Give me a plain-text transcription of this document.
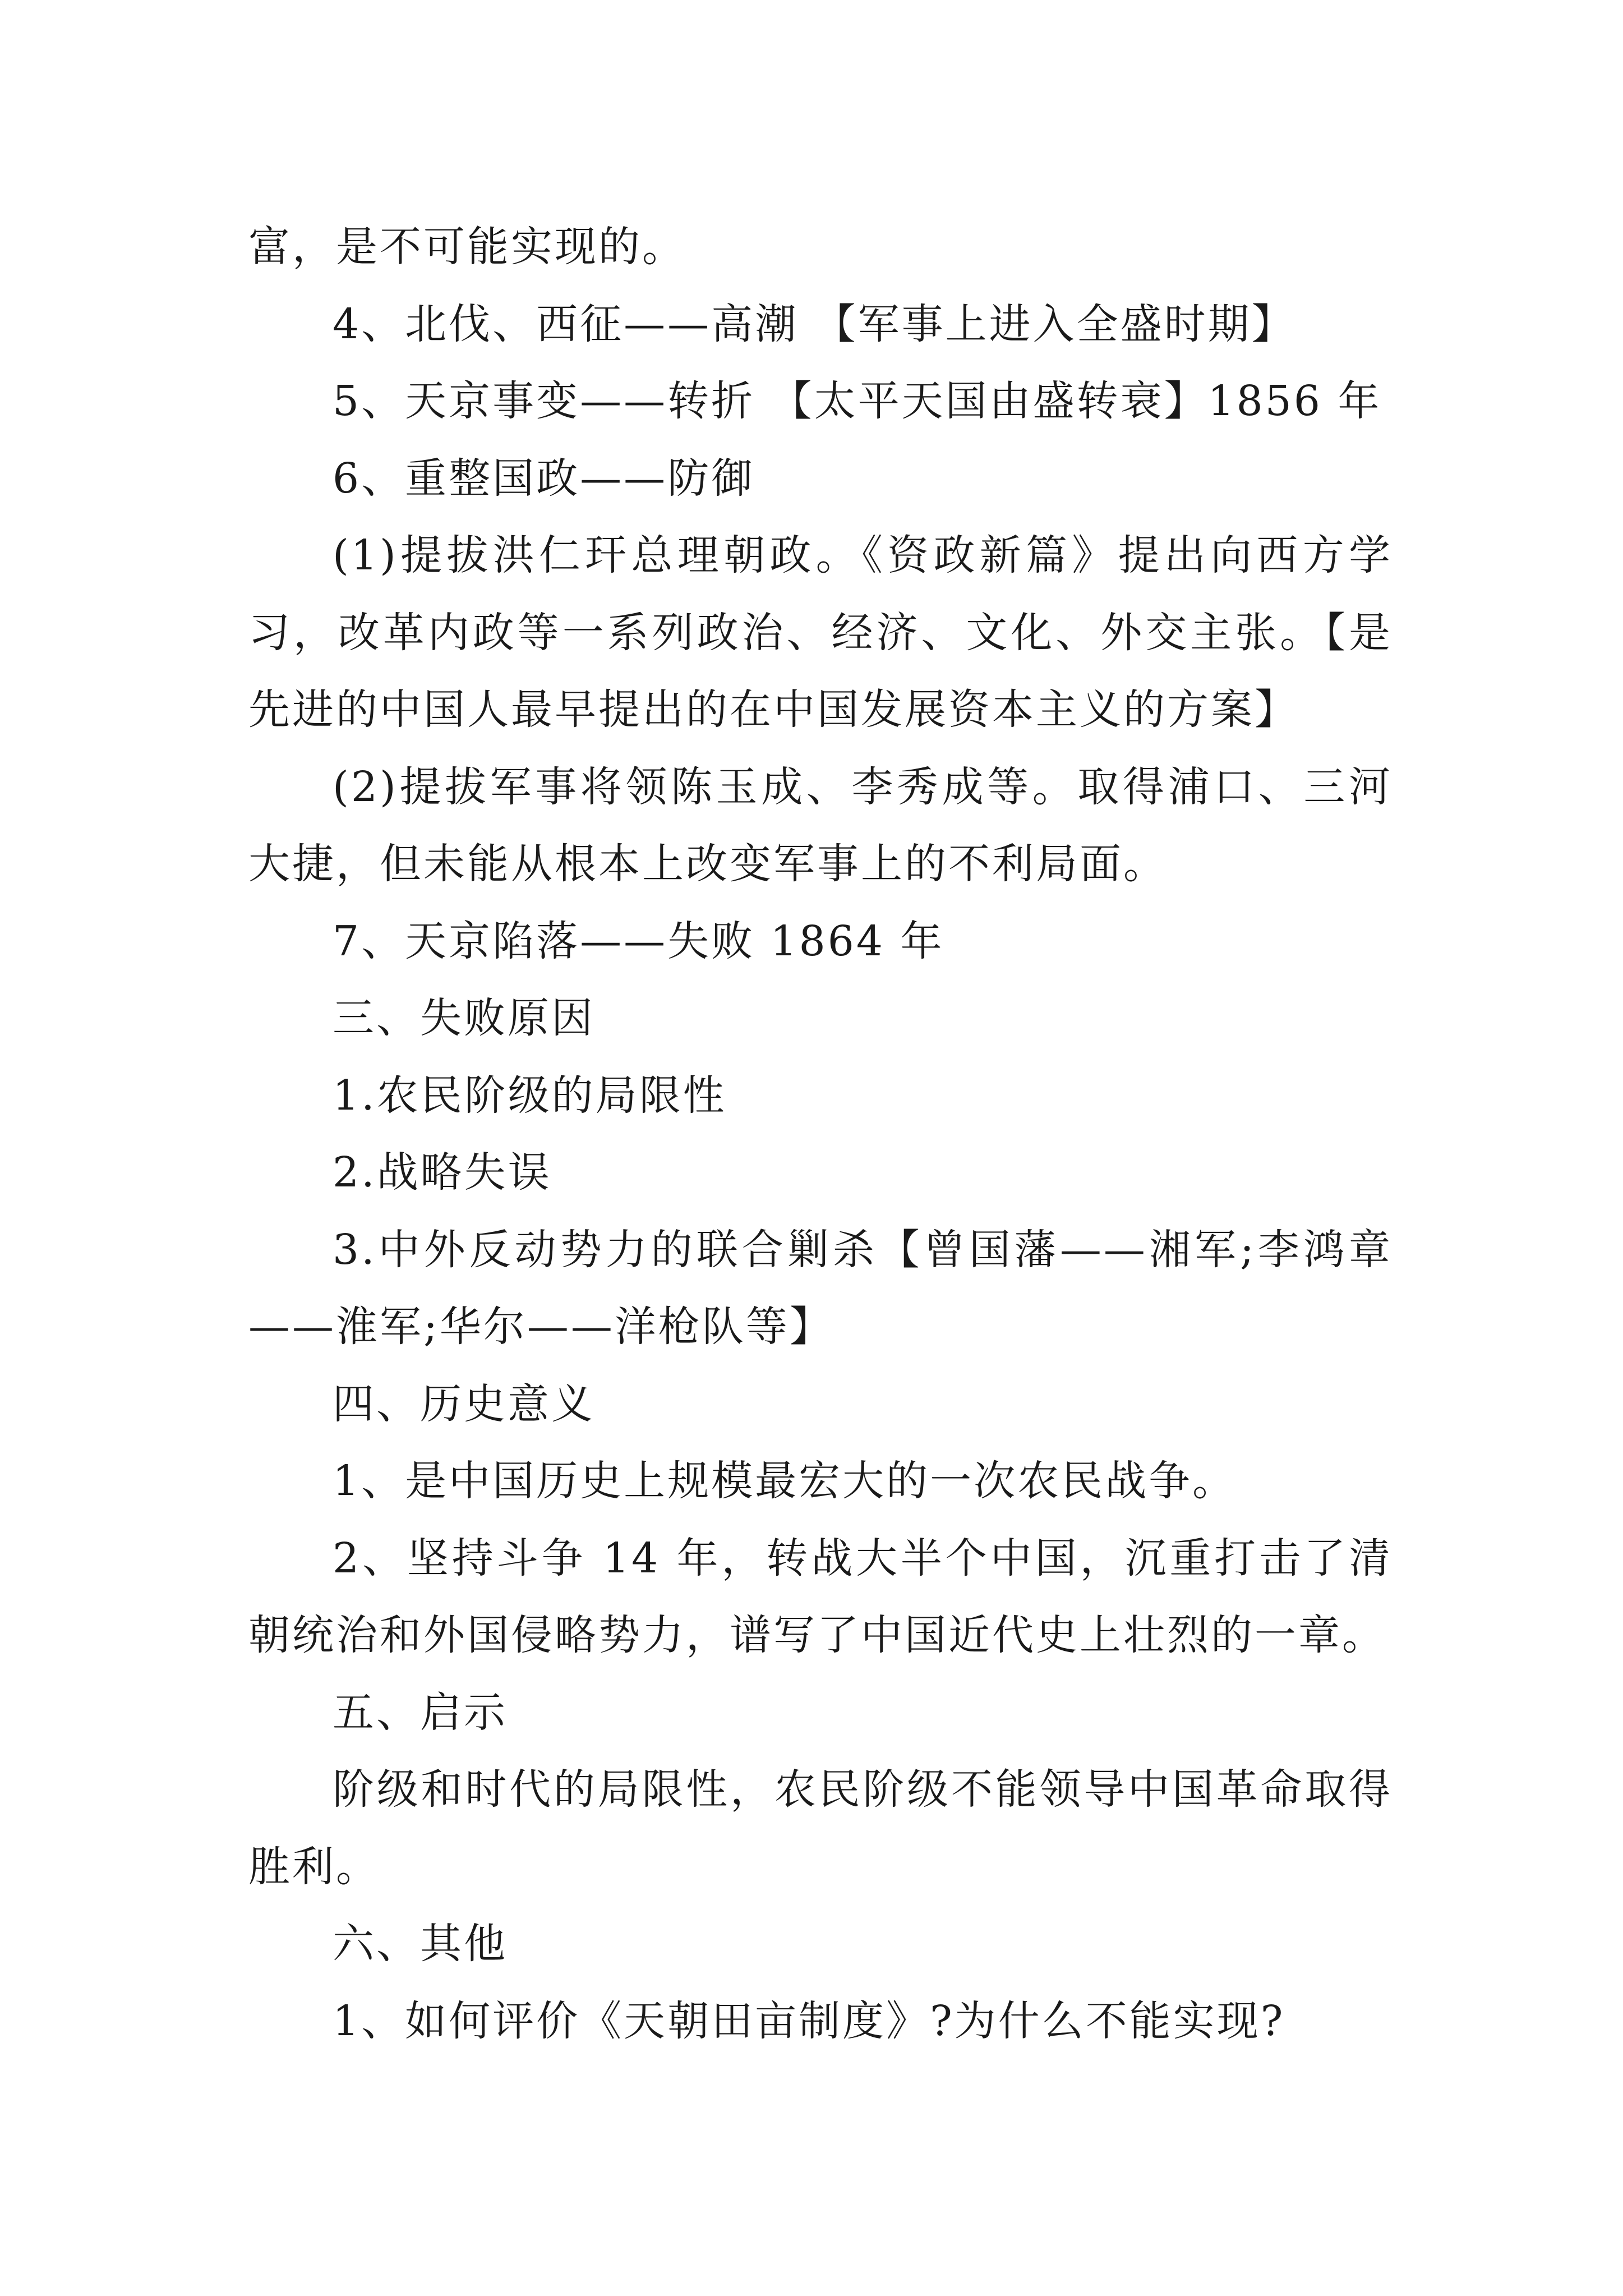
富，是不可能实现的。

4、北伐、西征——高潮 【军事上进入全盛时期】

5、天京事变——转折 【太平天国由盛转衰】1856 年

6、重整国政——防御

(1)提拔洪仁玕总理朝政。《资政新篇》提出向西方学习，改革内政等一系列政治、经济、文化、外交主张。【是先进的中国人最早提出的在中国发展资本主义的方案】

(2)提拔军事将领陈玉成、李秀成等。取得浦口、三河大捷，但未能从根本上改变军事上的不利局面。

7、天京陷落——失败 1864 年

三、失败原因

1.农民阶级的局限性

2.战略失误

3.中外反动势力的联合剿杀【曾国藩——湘军;李鸿章——淮军;华尔——洋枪队等】

四、历史意义

1、是中国历史上规模最宏大的一次农民战争。

2、坚持斗争 14 年，转战大半个中国，沉重打击了清朝统治和外国侵略势力，谱写了中国近代史上壮烈的一章。

五、启示

阶级和时代的局限性，农民阶级不能领导中国革命取得胜利。

六、其他

1、如何评价《天朝田亩制度》?为什么不能实现?
